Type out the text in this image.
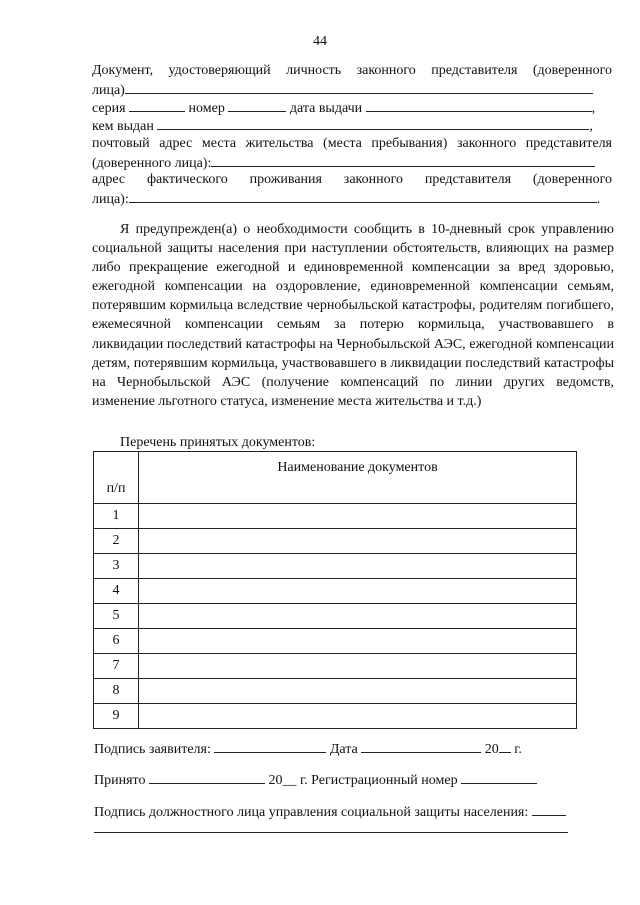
44
Документ, удостоверяющий личность законного представителя (доверенного
лица)
серия	номер	дата выдачи	,
кем выдан	,
почтовый адрес места жительства (места пребывания) законного представителя
(доверенного лица):
адрес фактического проживания законного представителя (доверенного
лица):	.

Я предупрежден(а) о необходимости сообщить в 10-дневный срок управлению социальной защиты населения при наступлении обстоятельств, влияющих на размер либо прекращение ежегодной и единовременной компенсации за вред здоровью, ежегодной компенсации на оздоровление, единовременной компенсации семьям, потерявшим кормильца вследствие чернобыльской катастрофы, родителям погибшего, ежемесячной компенсации семьям за потерю кормильца, участвовавшего в ликвидации последствий катастрофы на Чернобыльской АЭС, ежегодной компенсации детям, потерявшим кормильца, участвовавшего в ликвидации последствий катастрофы на Чернобыльской АЭС (получение компенсаций по линии других ведомств, изменение льготного статуса, изменение места жительства и т.д.)

Перечень принятых документов:
п/п	Наименование документов
1	
2	
3	
4	
5	
6	
7	
8	
9	
Подпись заявителя:	Дата	20 г.
Принято	20__ г. Регистрационный номер
Подпись должностного лица управления социальной защиты населения:
